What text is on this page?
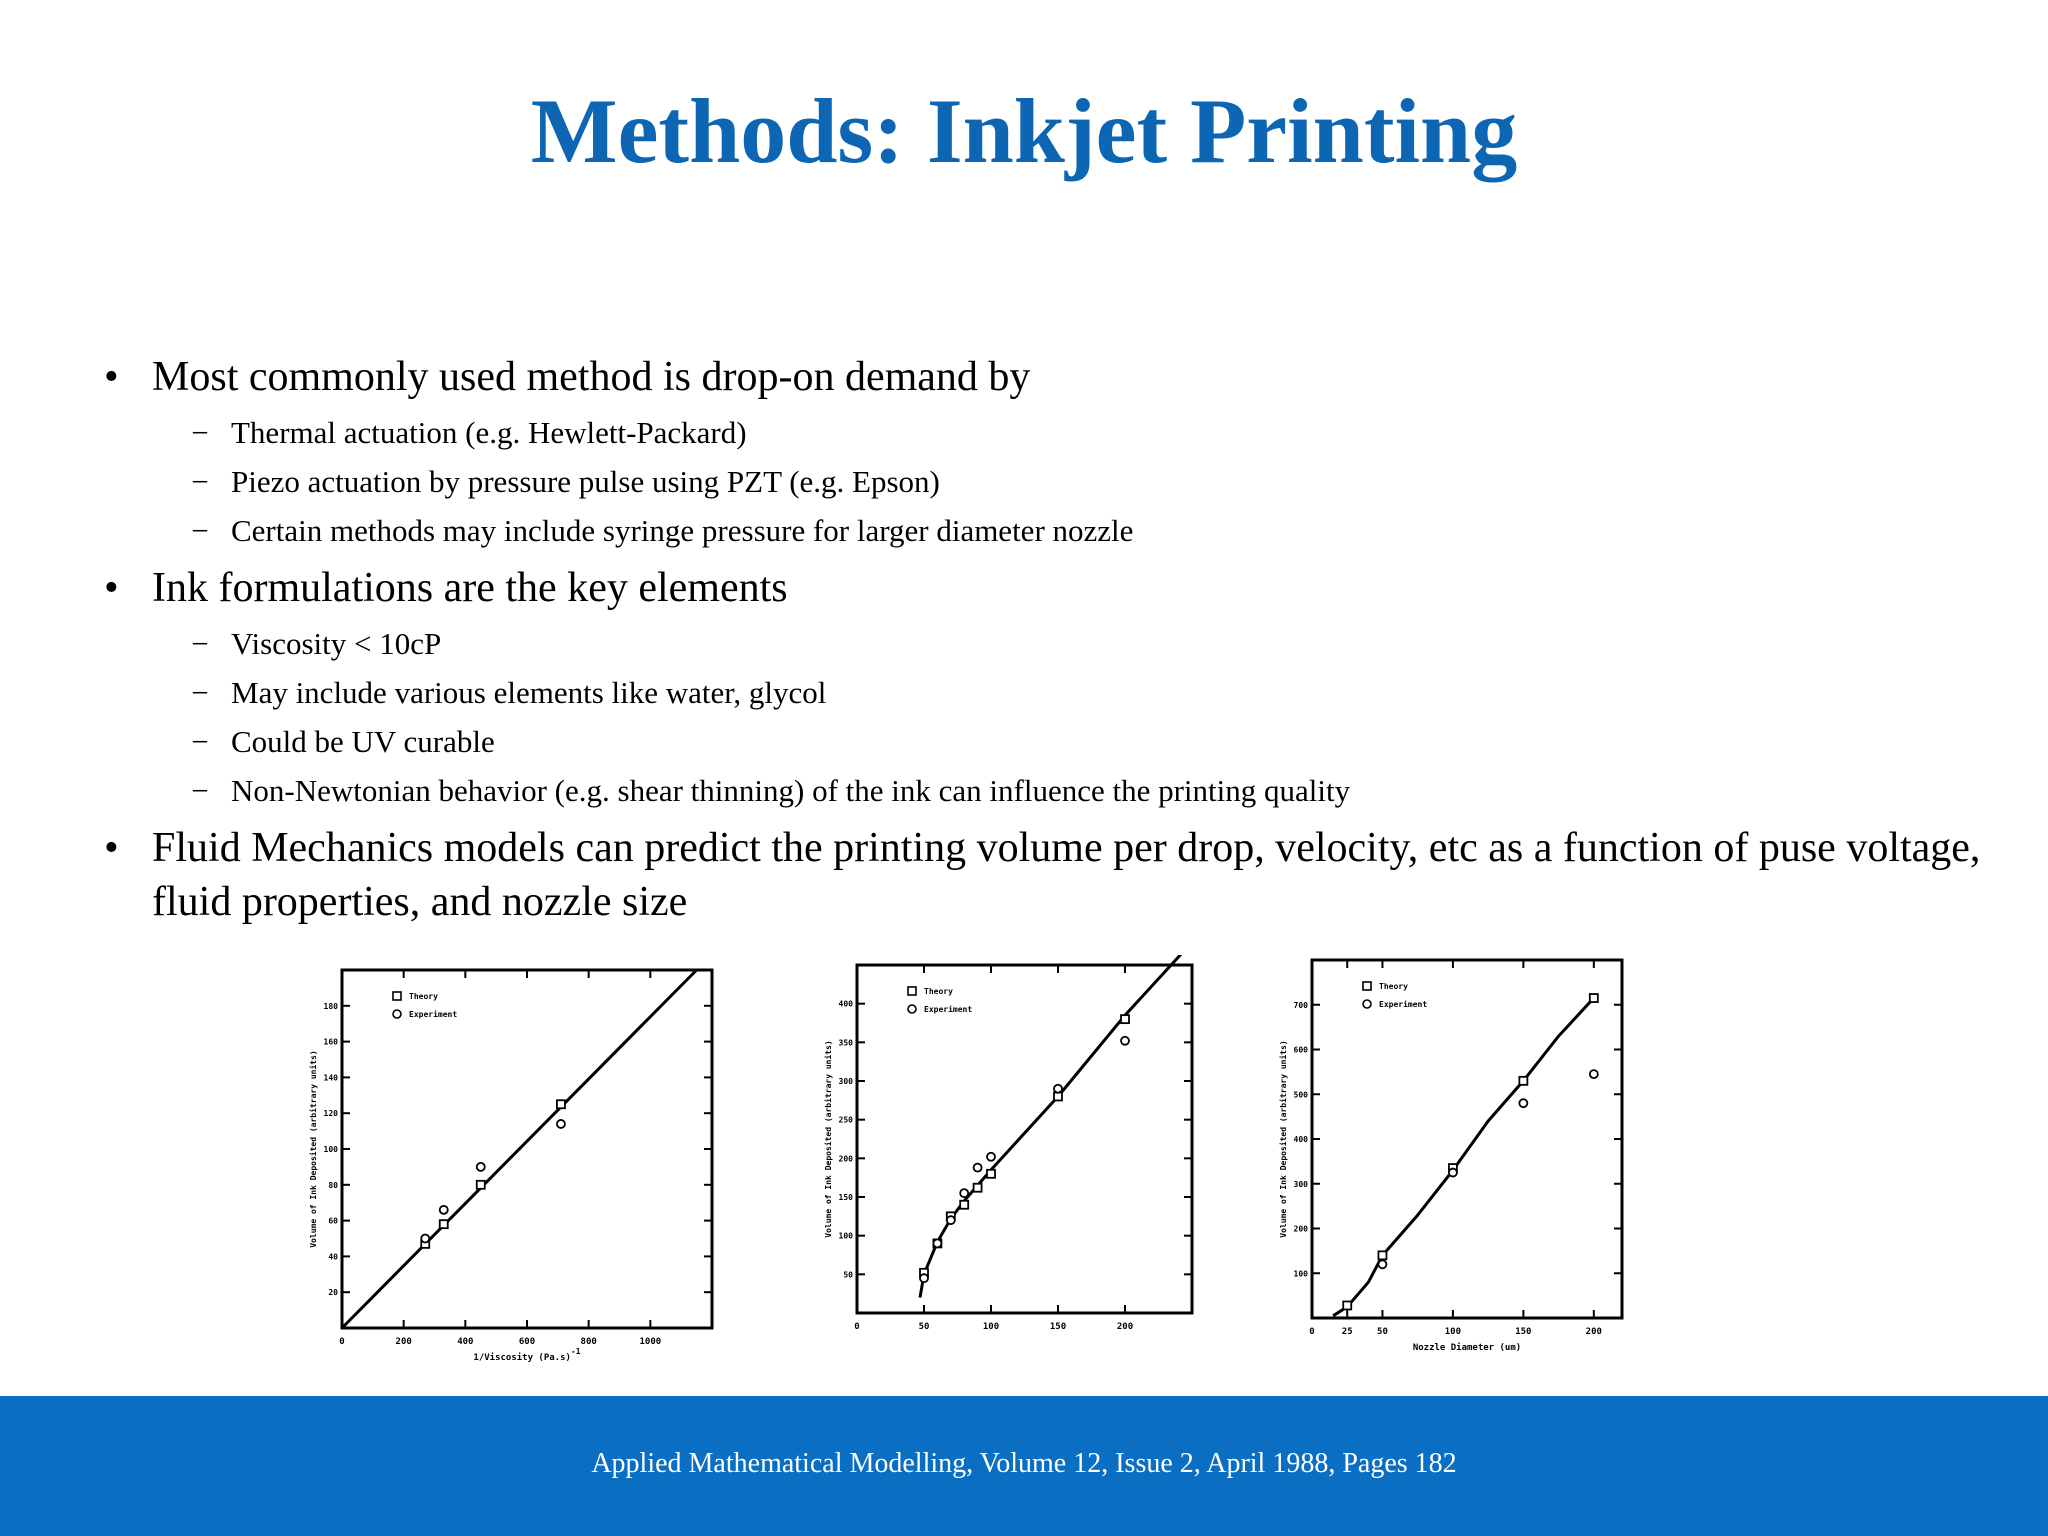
Methods: Inkjet Printing
• Most commonly used method is drop-on demand by
− Thermal actuation (e.g. Hewlett-Packard)
− Piezo actuation by pressure pulse using PZT (e.g. Epson)
− Certain methods may include syringe pressure for larger diameter nozzle
• Ink formulations are the key elements
− Viscosity < 10cP
− May include various elements like water, glycol
− Could be UV curable
− Non-Newtonian behavior (e.g. shear thinning) of the ink can influence the printing quality
• Fluid Mechanics models can predict the printing volume per drop, velocity, etc as a function of puse voltage, fluid properties, and nozzle size
0	200	400	600	800	1000
20
40
60
80
100
120
140
160
180
1/Viscosity (Pa.s)-1
Volume of Ink Deposited (arbitrary units)
Theory
Experiment
0	50	100	150	200
50
100
150
200
250
300
350
400
Volume of Ink Deposited (arbitrary units)
Theory
Experiment
0	25	50	100	150	200
100
200
300
400
500
600
700
Nozzle Diameter (um)
Volume of Ink Deposited (arbitrary units)
Theory
Experiment
Applied Mathematical Modelling, Volume 12, Issue 2, April 1988, Pages 182
